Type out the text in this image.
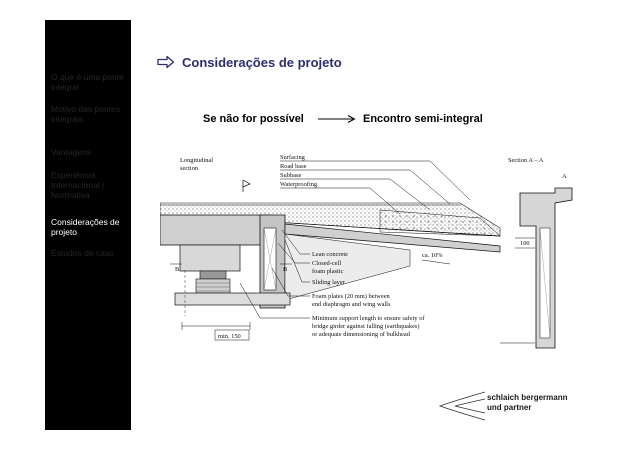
O que é uma ponte integral
Motivo das pontes integrais
Vantagens
Experiência Internacional / Normativa
Considerações de projeto
Estudos de caso
Considerações de projeto
Se não for possível	Encontro semi-integral
Longitudinal
section
Section A – A
Surfacing
Road base
Subbase
Waterproofing
B	B
min. 150
ca. 10%
Lean concrete
Closed-cell
foam plastic
Sliding layer
Foam plates (20 mm) between
end diaphragm and wing walls
Minimum support length to ensure safety of
bridge girder against falling (earthquakes)
or adequate dimensioning of bulkhead
100
A
schlaich bergermann
und partner
